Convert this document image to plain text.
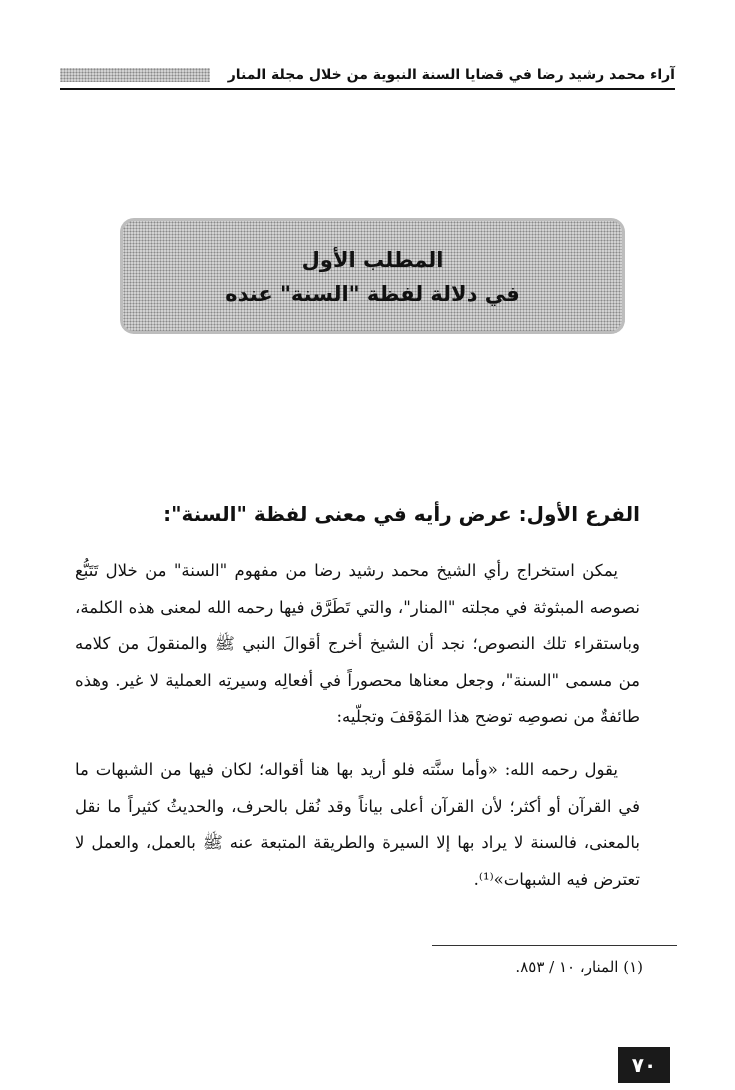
آراء محمد رشيد رضا في قضايا السنة النبوية من خلال مجلة المنار
المطلب الأول
في دلالة لفظة "السنة" عنده
الفرع الأول: عرض رأيه في معنى لفظة "السنة":
يمكن استخراج رأي الشيخ محمد رشيد رضا من مفهوم "السنة" من خلال تَتَبُّع نصوصه المبثوثة في مجلته "المنار"، والتي تَطَرَّق فيها رحمه الله لمعنى هذه الكلمة، وباستقراء تلك النصوص؛ نجد أن الشيخ أخرج أقوالَ النبي ﷺ والمنقولَ من كلامه من مسمى "السنة"، وجعل معناها محصوراً في أفعالِه وسيرتِه العملية لا غير. وهذه طائفةٌ من نصوصِه توضح هذا المَوْقفَ وتجلّيه:
يقول رحمه الله: «وأما سنَّته فلو أريد بها هنا أقواله؛ لكان فيها من الشبهات ما في القرآن أو أكثر؛ لأن القرآن أعلى بياناً وقد نُقل بالحرف، والحديثُ كثيراً ما نقل بالمعنى، فالسنة لا يراد بها إلا السيرة والطريقة المتبعة عنه ﷺ بالعمل، والعمل لا تعترض فيه الشبهات»⁽¹⁾.
(١) المنار، ١٠ / ٨٥٣.
٧٠
